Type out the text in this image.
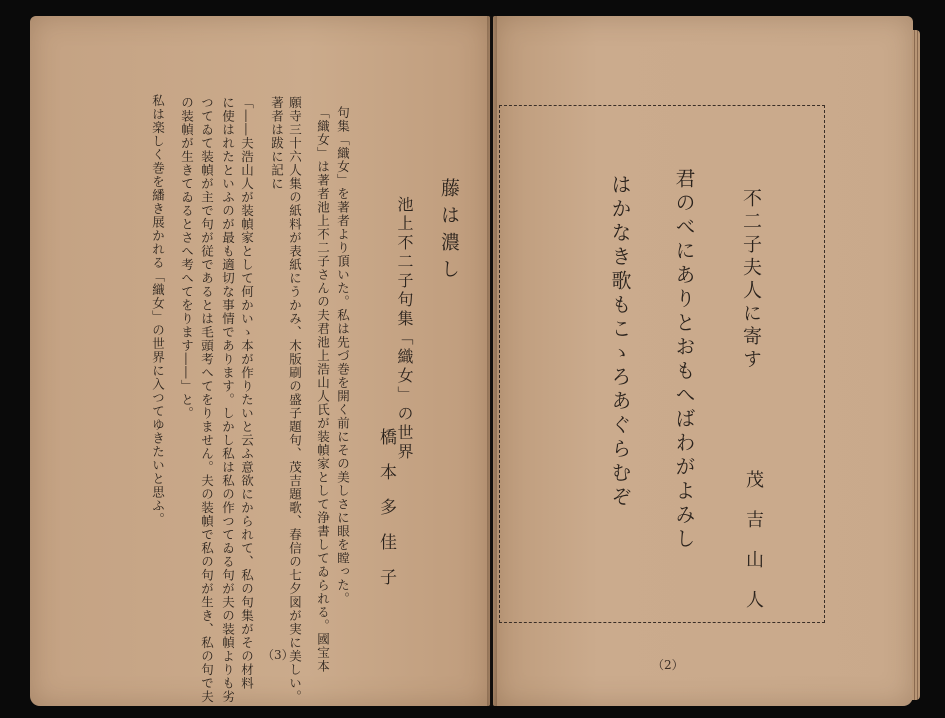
藤は濃し
池上不二子句集「織女」の世界
橋本多佳子
句集「織女」を著者より頂いた。私は先づ巻を開く前にその美しさに眼を瞠った。
「織女」は著者池上不二子さんの夫君池上浩山人氏が装幀家として浄書してゐられる。國宝本
願寺三十六人集の紙料が表紙にうかみ、木版刷の盛子題句、茂吉題歌、春信の七夕図が実に美しい。
著者は跋に記に
「――夫浩山人が装幀家として何かいゝ本が作りたいと云ふ意欲にかられて、私の句集がその材料
に使はれたといふのが最も適切な事情であります。しかし私は私の作つてゐる句が夫の装幀よりも劣
つてゐて装幀が主で句が従であるとは毛頭考へてをりません。夫の装幀で私の句が生き、私の句で夫
の装幀が生きてゐるとさへ考へてをります――」と。
私は楽しく巻を繙き展かれる「織女」の世界に入つてゆきたいと思ふ。
（3）
不二子夫人に寄す
君のべにありとおもへばわがよみし
はかなき歌もこゝろあぐらむぞ
茂吉山人
（2）
